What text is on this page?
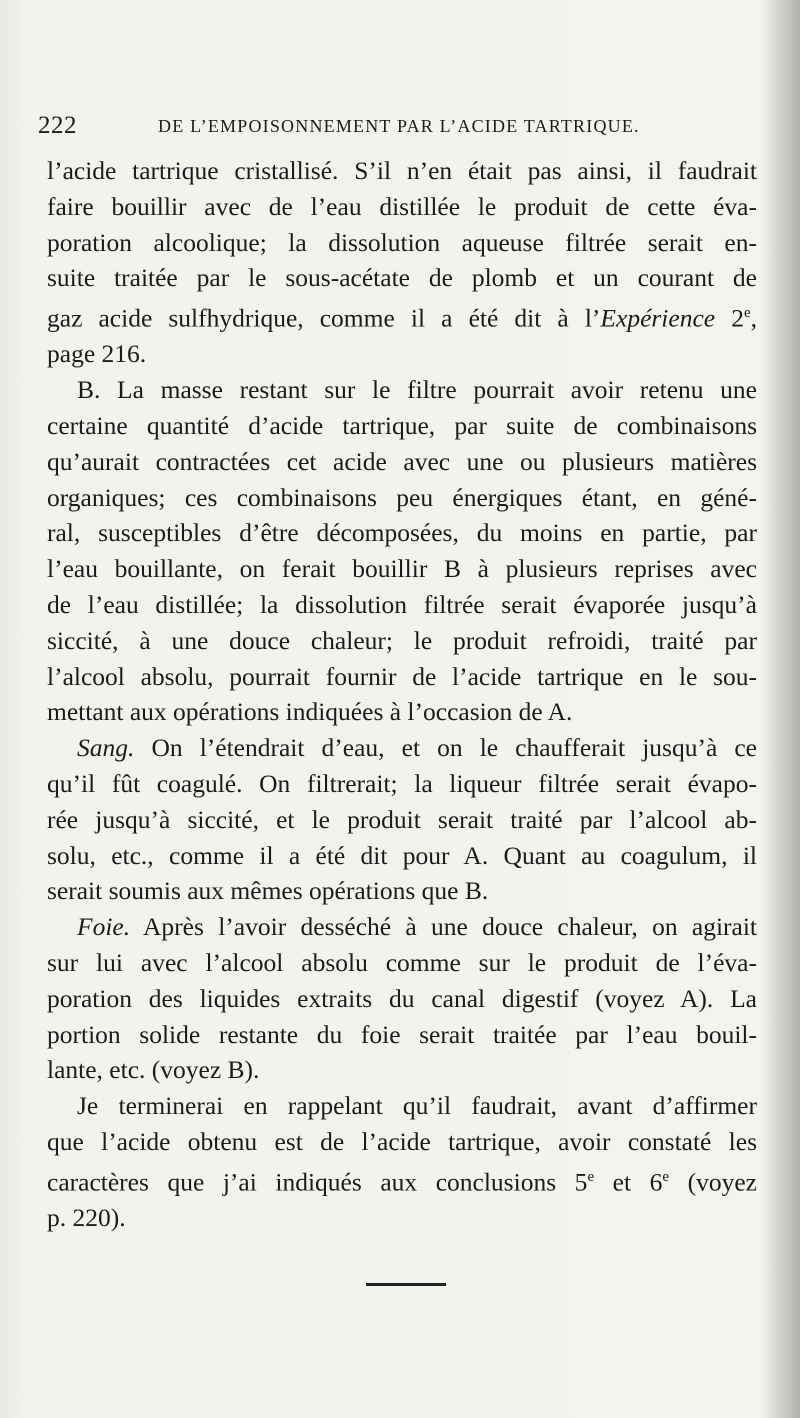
222	DE L’EMPOISONNEMENT PAR L’ACIDE TARTRIQUE.
l’acide tartrique cristallisé. S’il n’en était pas ainsi, il faudrait
faire bouillir avec de l’eau distillée le produit de cette éva-
poration alcoolique; la dissolution aqueuse filtrée serait en-
suite traitée par le sous-acétate de plomb et un courant de
gaz acide sulfhydrique, comme il a été dit à l’Expérience 2e,
page 216.
B. La masse restant sur le filtre pourrait avoir retenu une
certaine quantité d’acide tartrique, par suite de combinaisons
qu’aurait contractées cet acide avec une ou plusieurs matières
organiques; ces combinaisons peu énergiques étant, en géné-
ral, susceptibles d’être décomposées, du moins en partie, par
l’eau bouillante, on ferait bouillir B à plusieurs reprises avec
de l’eau distillée; la dissolution filtrée serait évaporée jusqu’à
siccité, à une douce chaleur; le produit refroidi, traité par
l’alcool absolu, pourrait fournir de l’acide tartrique en le sou-
mettant aux opérations indiquées à l’occasion de A.
Sang. On l’étendrait d’eau, et on le chaufferait jusqu’à ce
qu’il fût coagulé. On filtrerait; la liqueur filtrée serait évapo-
rée jusqu’à siccité, et le produit serait traité par l’alcool ab-
solu, etc., comme il a été dit pour A. Quant au coagulum, il
serait soumis aux mêmes opérations que B.
Foie. Après l’avoir desséché à une douce chaleur, on agirait
sur lui avec l’alcool absolu comme sur le produit de l’éva-
poration des liquides extraits du canal digestif (voyez A). La
portion solide restante du foie serait traitée par l’eau bouil-
lante, etc. (voyez B).
Je terminerai en rappelant qu’il faudrait, avant d’affirmer
que l’acide obtenu est de l’acide tartrique, avoir constaté les
caractères que j’ai indiqués aux conclusions 5e et 6e (voyez
p. 220).
